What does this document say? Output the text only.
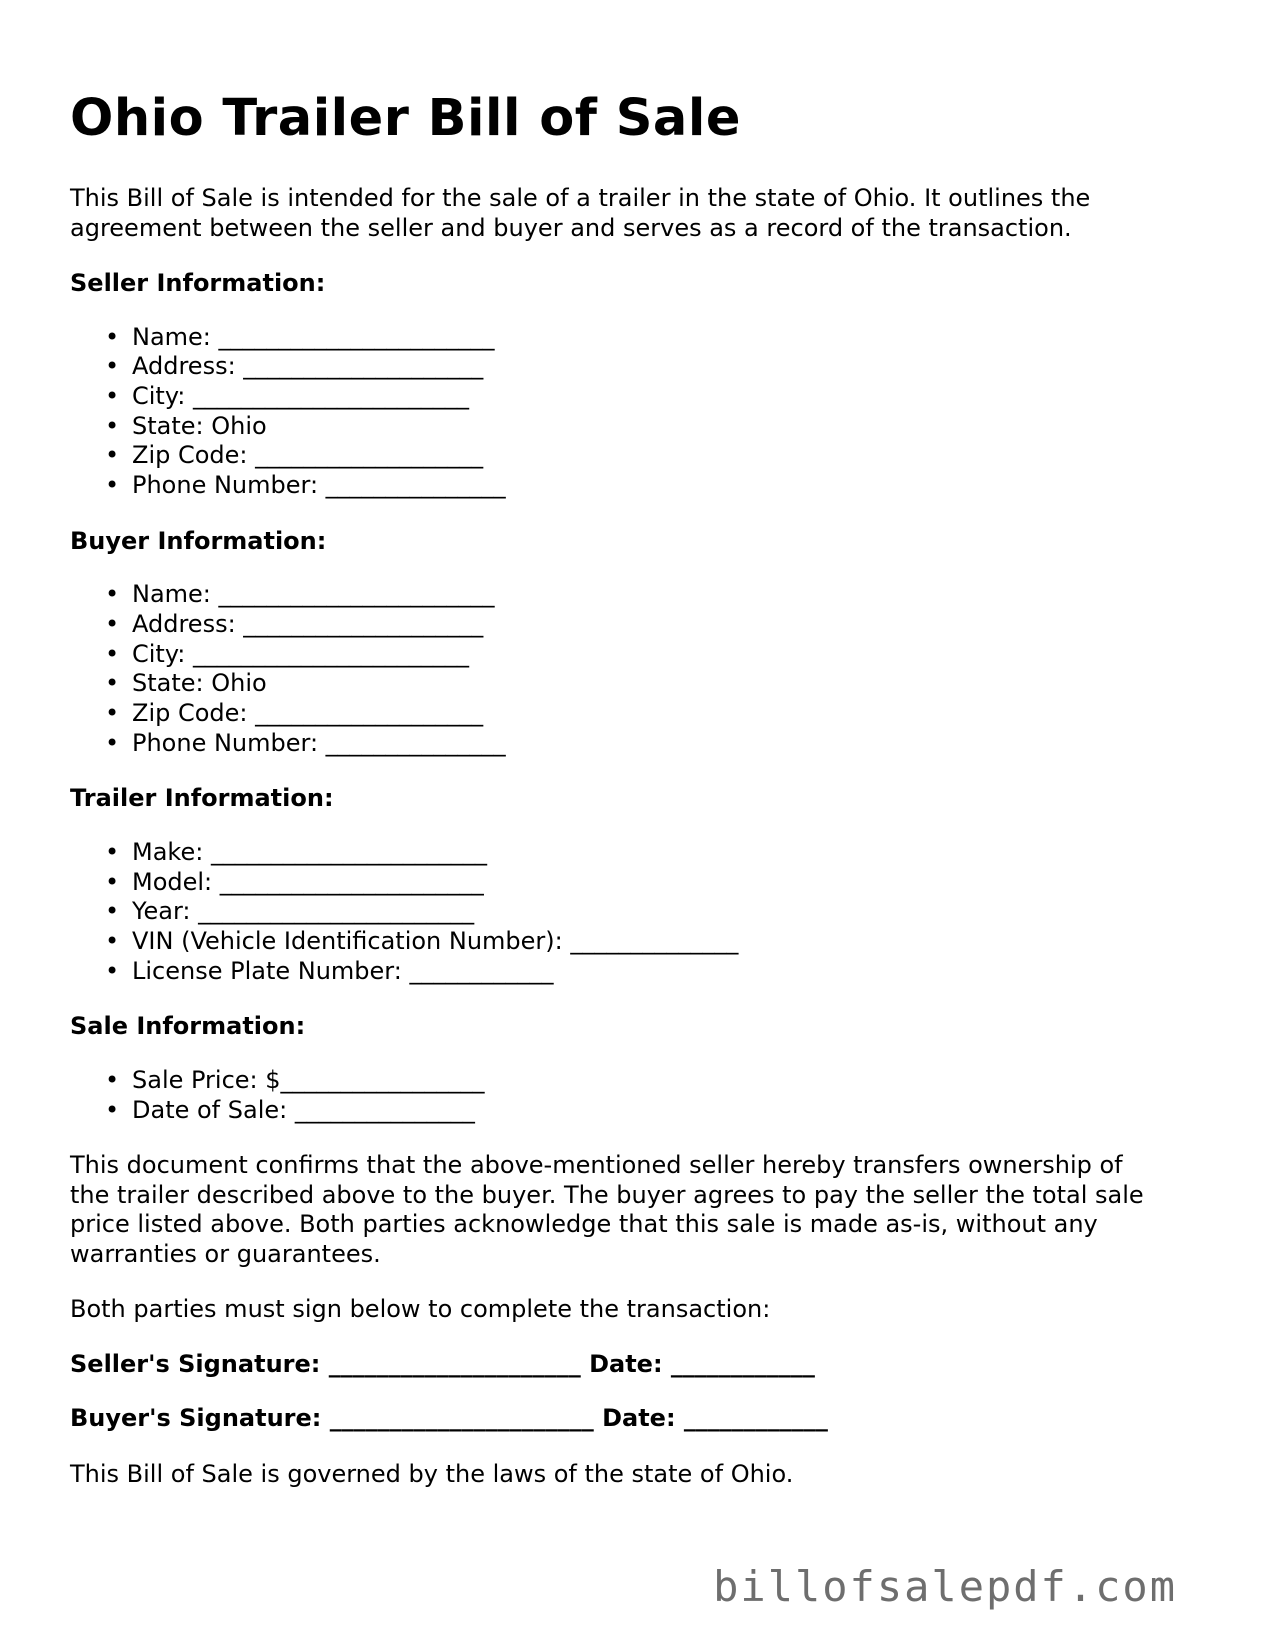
Ohio Trailer Bill of Sale

This Bill of Sale is intended for the sale of a trailer in the state of Ohio. It outlines the

agreement between the seller and buyer and serves as a record of the transaction.

Seller Information:

• Name: _______________________
• Address: ____________________
• City: _______________________
• State: Ohio
• Zip Code: ___________________
• Phone Number: _______________

Buyer Information:

• Name: _______________________
• Address: ____________________
• City: _______________________
• State: Ohio
• Zip Code: ___________________
• Phone Number: _______________

Trailer Information:

• Make: _______________________
• Model: ______________________
• Year: _______________________
• VIN (Vehicle Identification Number): ______________
• License Plate Number: ____________

Sale Information:

• Sale Price: $_________________
• Date of Sale: _______________

This document confirms that the above-mentioned seller hereby transfers ownership of

the trailer described above to the buyer. The buyer agrees to pay the seller the total sale

price listed above. Both parties acknowledge that this sale is made as-is, without any

warranties or guarantees.

Both parties must sign below to complete the transaction:

Seller's Signature: _____________________ Date: ____________

Buyer's Signature: ______________________ Date: ____________

This Bill of Sale is governed by the laws of the state of Ohio.

billofsalepdf.com
